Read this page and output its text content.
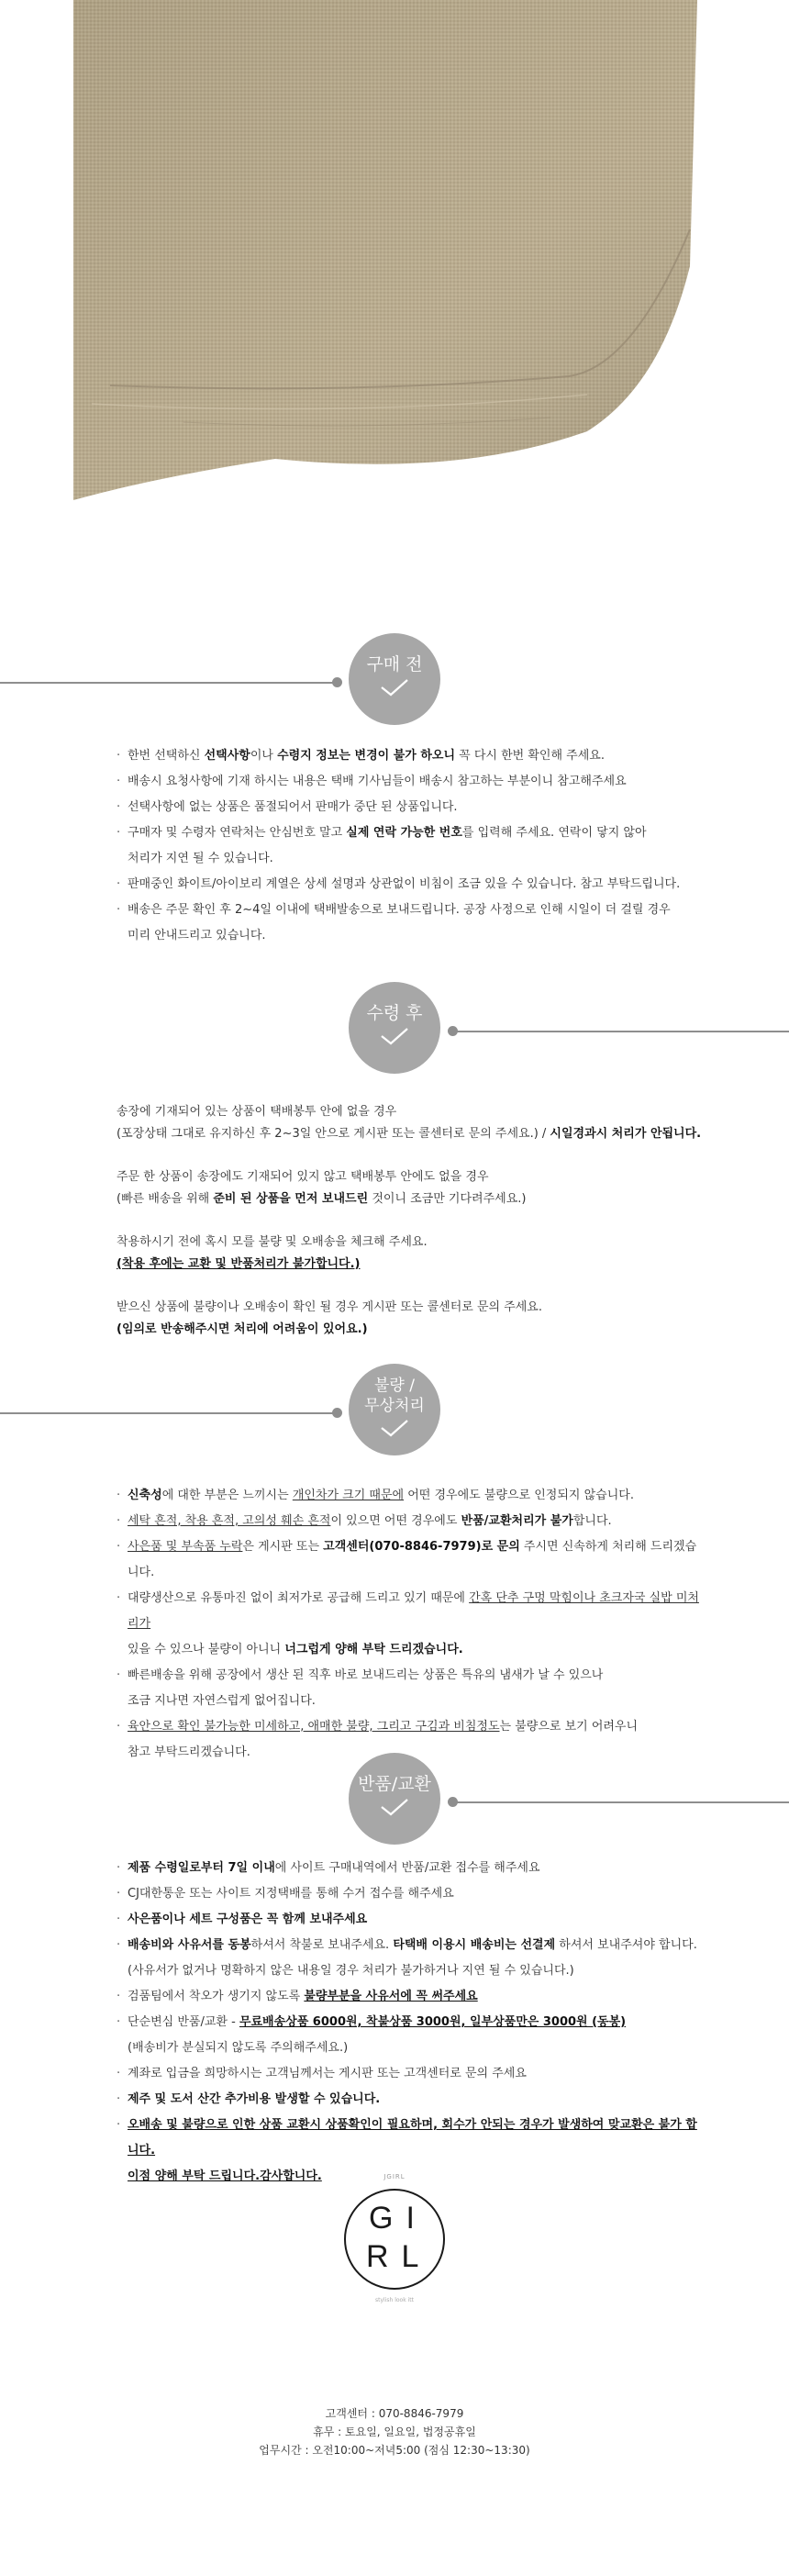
구매 전
· 한번 선택하신 선택사항이나 수령지 정보는 변경이 불가 하오니 꼭 다시 한번 확인해 주세요.
· 배송시 요청사항에 기재 하시는 내용은 택배 기사님들이 배송시 참고하는 부분이니 참고해주세요
· 선택사항에 없는 상품은 품절되어서 판매가 중단 된 상품입니다.
· 구매자 및 수령자 연락처는 안심번호 말고 실제 연락 가능한 번호를 입력해 주세요. 연락이 닿지 않아
처리가 지연 될 수 있습니다.
· 판매중인 화이트/아이보리 계열은 상세 설명과 상관없이 비침이 조금 있을 수 있습니다. 참고 부탁드립니다.
· 배송은 주문 확인 후 2~4일 이내에 택배발송으로 보내드립니다. 공장 사정으로 인해 시일이 더 걸릴 경우
미리 안내드리고 있습니다.
수령 후

송장에 기재되어 있는 상품이 택배봉투 안에 없을 경우
(포장상태 그대로 유지하신 후 2~3일 안으로 게시판 또는 콜센터로 문의 주세요.) / 시일경과시 처리가 안됩니다.

주문 한 상품이 송장에도 기재되어 있지 않고 택배봉투 안에도 없을 경우
(빠른 배송을 위해 준비 된 상품을 먼저 보내드린 것이니 조금만 기다려주세요.)

착용하시기 전에 혹시 모를 불량 및 오배송을 체크해 주세요.
(착용 후에는 교환 및 반품처리가 불가합니다.)

받으신 상품에 불량이나 오배송이 확인 될 경우 게시판 또는 콜센터로 문의 주세요.
(임의로 반송해주시면 처리에 어려움이 있어요.)

불량 /
무상처리
· 신축성에 대한 부분은 느끼시는 개인차가 크기 때문에 어떤 경우에도 불량으로 인정되지 않습니다.
· 세탁 흔적, 착용 흔적, 고의성 훼손 흔적이 있으면 어떤 경우에도 반품/교환처리가 불가합니다.
· 사은품 및 부속품 누락은 게시판 또는 고객센터(070-8846-7979)로 문의 주시면 신속하게 처리해 드리겠습니다.
· 대량생산으로 유통마진 없이 최저가로 공급해 드리고 있기 때문에 간혹 단추 구멍 막힘이나 초크자국 실밥 미처리가
있을 수 있으나 불량이 아니니 너그럽게 양해 부탁 드리겠습니다.
· 빠른배송을 위해 공장에서 생산 된 직후 바로 보내드리는 상품은 특유의 냄새가 날 수 있으나
조금 지나면 자연스럽게 없어집니다.
· 육안으로 확인 불가능한 미세하고, 애매한 불량, 그리고 구김과 비침정도는 불량으로 보기 어려우니
참고 부탁드리겠습니다.
반품/교환
· 제품 수령일로부터 7일 이내에 사이트 구매내역에서 반품/교환 접수를 해주세요
· CJ대한통운 또는 사이트 지정택배를 통해 수거 접수를 해주세요
· 사은품이나 세트 구성품은 꼭 함께 보내주세요
· 배송비와 사유서를 동봉하셔서 착불로 보내주세요. 타택배 이용시 배송비는 선결제 하셔서 보내주셔야 합니다.
(사유서가 없거나 명확하지 않은 내용일 경우 처리가 불가하거나 지연 될 수 있습니다.)
· 검품팀에서 착오가 생기지 않도록 불량부분을 사유서에 꼭 써주세요
· 단순변심 반품/교환 - 무료배송상품 6000원, 착불상품 3000원, 일부상품만은 3000원 (동봉)
(배송비가 분실되지 않도록 주의해주세요.)
· 계좌로 입금을 희망하시는 고객님께서는 게시판 또는 고객센터로 문의 주세요
· 제주 및 도서 산간 추가비용 발생할 수 있습니다.
· 오배송 및 불량으로 인한 상품 교환시 상품확인이 필요하며, 회수가 안되는 경우가 발생하여 맞교환은 불가 합니다.
이점 양해 부탁 드립니다.감사합니다.	JGIRL
GI
RL
stylish look itt
고객센터 : 070-8846-7979
휴무 : 토요일, 일요일, 법정공휴일
업무시간 : 오전10:00~저녁5:00 (점심 12:30~13:30)
